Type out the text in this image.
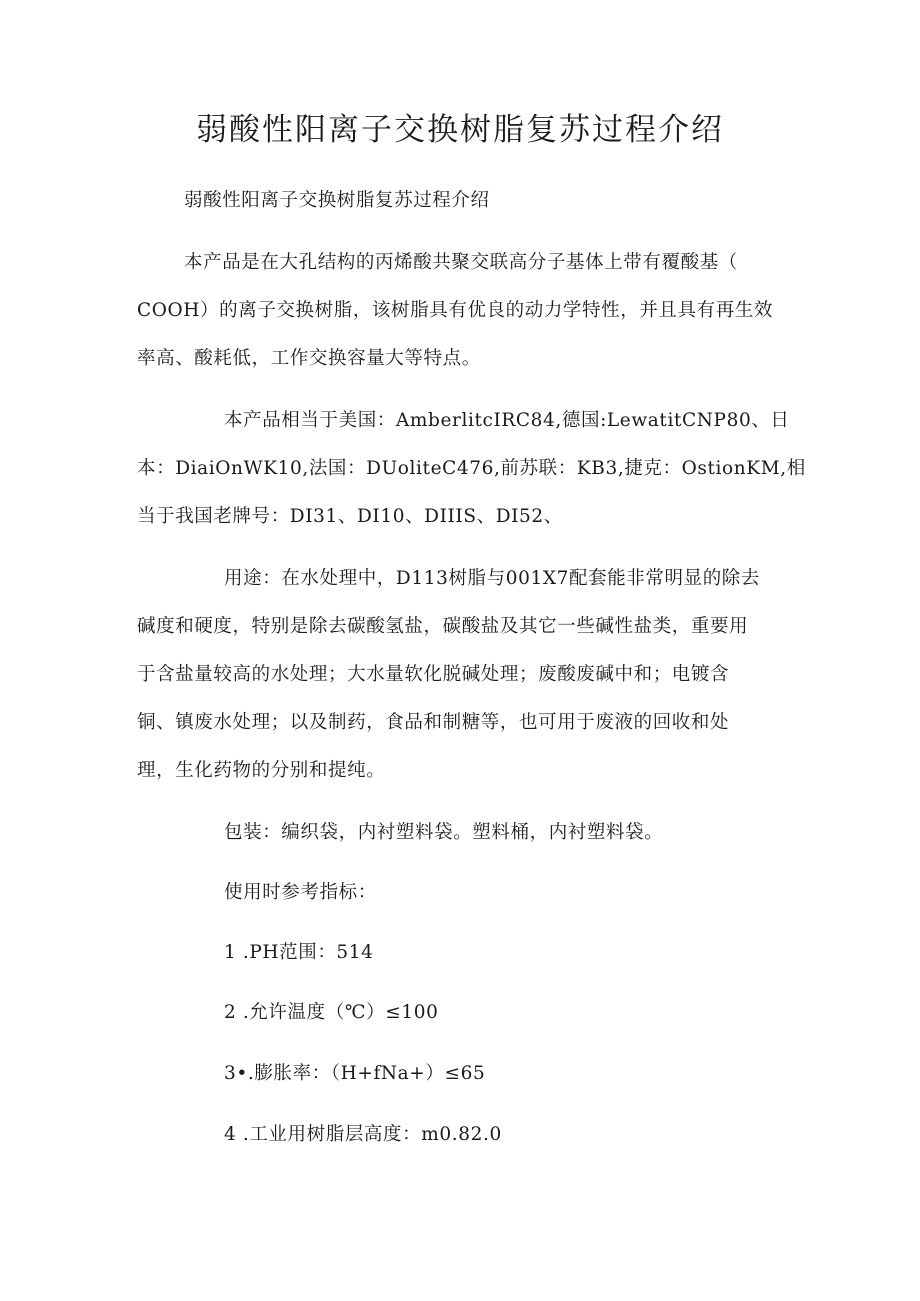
弱酸性阳离子交换树脂复苏过程介绍
弱酸性阳离子交换树脂复苏过程介绍
本产品是在大孔结构的丙烯酸共聚交联高分子基体上带有覆酸基（
COOH）的离子交换树脂，该树脂具有优良的动力学特性，并且具有再生效
率高、酸耗低，工作交换容量大等特点。
本产品相当于美国：AmberlitcIRC84,德国:LewatitCNP80、日
本：DiaiOnWK10,法国：DUoliteC476,前苏联：KB3,捷克：OstionKM,相
当于我国老牌号：DI31、DI10、DIIIS、DI52、
用途：在水处理中，D113树脂与001X7配套能非常明显的除去
碱度和硬度，特别是除去碳酸氢盐，碳酸盐及其它一些碱性盐类，重要用
于含盐量较高的水处理；大水量软化脱碱处理；废酸废碱中和；电镀含
铜、镇废水处理；以及制药，食品和制糖等，也可用于废液的回收和处
理，生化药物的分别和提纯。
包装：编织袋，内衬塑料袋。塑料桶，内衬塑料袋。
使用时参考指标：
1 .PH范围：514
2 .允许温度（℃）≤100
3•.膨胀率：（H+fNa+）≤65
4 .工业用树脂层高度：m0.82.0
